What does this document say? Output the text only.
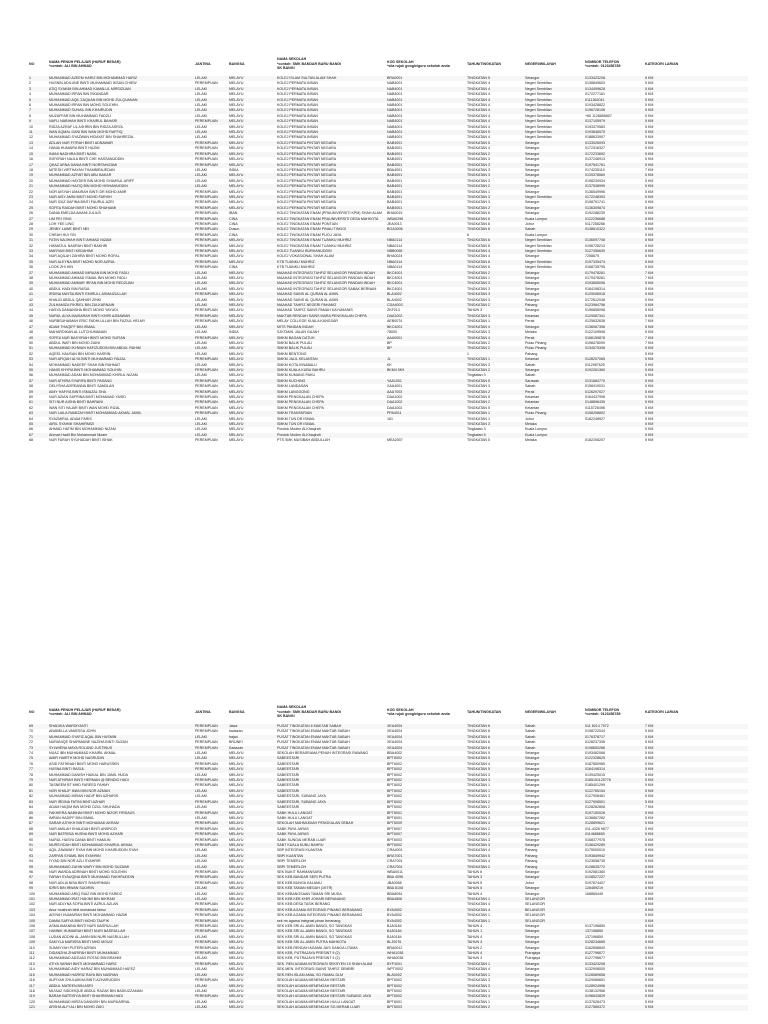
NO	NAMA PENUH PELAJAR (HURUF BESAR)
*contoh: ALI BIN AHMAD	JANTINA	BANGSA	NAMA SEKOLAH
*contoh: SMK BANDAR BARU BANGI
SK BANGI	KOD SEKOLAH
*sila rujuk google/guru sekolah anda	TAHUN/TINGKATAN	NEGERI/WILAYAH	NOMBOR TELEFON
*contoh: 0123456789	KATEGORI LARIAN
1	MUHAMMAD AZEEM HARIZ BIN MOHAMMAD HARIZ	LELAKI	MELAYU	KOLEJ ISLAM SULTAN ALAM SHAH	BRA0001	TINGKATAN 5	Selangor	0133423208	5 KM
2	HUSNIN ADILUNE BINTI MUHAMMAD IKSAN CHIEW	PEREMPUAN	MELAYU	KOLEJ PERMATA INSAN	NAB4001	TINGKATAN 4	Negeri Sembilan	0138849603	5 KM
3	ATIQ SYAKIM BIN AHMAD KAMALUL MIRSIZUAN	LELAKI	MELAYU	KOLEJ PERMATA INSAN	NAB4001	TINGKATAN 4	Negeri Sembilan	0134499628	5 KM
4	MUHAMMAD IRFAN BIN ISKANDAR	LELAKI	MELAYU	KOLEJ PERMATA INSAN	NAB4001	TINGKATAN 4	Negeri Sembilan	0172277161	5 KM
5	MUHAMMAD AQIL ZAQUAN BIN MOHD ZULQUANAN	LELAKI	MELAYU	KOLEJ PERMATA INSAN	NAB4001	TINGKATAN 4	Negeri Sembilan	0111362041	5 KM
6	MUHAMMAD IRFAN BIN MOHD SOLEHIN	LELAKI	MELAYU	KOLEJ PERMATA INSAN	NAB4001	TINGKATAN 4	Negeri Sembilan	0193428822	5 KM
7	MUHAMMAD SUHAIL BIN KHAIRUDIN	LELAKI	MELAYU	KOLEJ PERMATA INSAN	NAB4001	TINGKATAN 4	Negeri Sembilan	0196728108	5 KM
8	MUZAFFAR BIN MUHAMMAD FADZLI	LELAKI	MELAYU	KOLEJ PERMATA INSAN	NAB4001	TINGKATAN 4	Negeri Sembilan	+60 1128856807	5 KM
9	NAFLI NABIHAH BINTI KHAIRUL BAHARI	PEREMPUAN	MELAYU	KOLEJ PERMATA INSAN	NAB4001	TINGKATAN 4	Negeri Sembilan	0137105979	5 KM
10	RIDZA AZRAF UL ASHRIN BIN RIDZA ASROL	LELAKI	MELAYU	KOLEJ PERMATA INSAN	NAB4001	TINGKATAN 4	Negeri Sembilan	0193379583	5 KM
11	WAN AQMAL DANI BIN WAN MOHD RAFFIQ	LELAKI	MELAYU	KOLEJ PERMATA INSAN	NAB4001	TINGKATAN 5	Negeri Sembilan	0193846575	5 KM
12	MUHAMMAD SYAZWAN HIDAYAT BIN SHAHREZAL	LELAKI	MELAYU	KOLEJ PERMATA INSAN	NAB4001	TINGKATAN 4	Negeri Sembilan	0188633907	5 KM
13	ADLAN NUR FITRAH BINTI ADNAWAR	PEREMPUAN	MELAYU	KOLEJ PERMATA PINTAR NEGARA	BAB4001	TINGKATAN 5	Selangor	0133026093	5 KM
14	HANIA HUMAIRA BINTI HAZMI	PEREMPUAN	MELAYU	KOLEJ PERMATA PINTAR NEGARA	BAB4001	TINGKATAN 4	Selangor	0172316327	5 KM
15	INANI NADHIRA BINTI NASIL	PEREMPUAN	MELAYU	KOLEJ PERMATA PINTAR NEGARA	BAB4001	TINGKATAN 2	Selangor	0172233692	5 KM
16	INSYIRAH NAJLA BINTI CHE HASSANUDDIN	PEREMPUAN	MELAYU	KOLEJ PERMATA PINTAR NEGARA	BAB4001	TINGKATAN 3	Selangor	0137246913	5 KM
17	QHAZ ARNA DANIA BINTI NORFAHIZAMI	PEREMPUAN	MELAYU	KOLEJ PERMATA PINTAR NEGARA	BAB4001	TINGKATAN 3	Selangor	0197541761	5 KM
18	MITESH VIRTHAYAN THAMBIRAJEDAN	LELAKI	INDIA	KOLEJ PERMATA PINTAR NEGARA	BBA4001	TINGKATAN 3	Selangor	0174235110	7 KM
19	MUHAMMAD AZFAR BIN ABU BAKAR	LELAKI	MELAYU	KOLEJ PERMATA PINTAR NEGARA	BAB4001	TINGKATAN 3	Selangor	0139378560	5 KM
20	MUHAMMAD HAYDER BIN MOHD SYAMSUL ARIFF	LELAKI	MELAYU	KOLEJ PERMATA PINTAR NEGARA	BAB4001	TINGKATAN 3	Selangor	0198230934	5 KM
21	MUHAMMAD HAZIQ BIN MOHD HISHAMUDDIN	LELAKI	MELAYU	KOLEJ PERMATA PINTAR NEGARA	BAB4001	TINGKATAN 2	Selangor	0137538999	5 KM
22	NOR AISYAH UMAIRAH BINTI DR MOHD AMIR	PEREMPUAN	MELAYU	KOLEJ PERMATA PINTAR NEGARA	BAB4001	TINGKATAN 1	Selangor	0136549996	5 KM
23	NUR AISY AMNI BINTI MOHD FARISH	PEREMPUAN	MELAYU	KOLEJ PERMATA PINTAR NEGARA	BAB4001	TINGKATAN 3	Negeri Sembilan	0172248393	5 KM
24	NUR IZAZ DAFINA BINTI FAURUL AZRI	PEREMPUAN	MELAYU	KOLEJ PERMATA PINTAR NEGARA	BAB4001	TINGKATAN 3	Selangor	0198791741	5 KM
25	SOFEA RAIDAH BINTI MOHD SHUHAIMI	PEREMPUAN	MELAYU	KOLEJ PERMATA PINTAR NEGARA	BAB4001	TINGKATAN 2	Selangor	0136309874	5 KM
26	DANIA EMELDA AMANI JULIUS	PEREMPUAN	IBAN	KOLEJ TINGKATAN ENAM (PRAUNIVERSITI KPM) SHAH ALAM	BHA0019	TINGKATAN 6	Selangor	0192288235	5 KM
27	LIM PEI YING	PEREMPUAN	CINA	KOLEJ TINGKATAN ENAM PRAUNIVERSITI DESA MAHKOTA	WBA0296	TINGKATAN 6	Kuala Lumpur	0122236688	5 KM
28	LOH YEE LING	PEREMPUAN	CINA	KOLEJ TINGKATAN ENAM PONTIAN	JEA0013	TINGKATAN 6	Johor	0117258288	5 KM
29	JENNY LAWE BINTI NEI	PEREMPUAN	Dusun	KOLEJ TINGKATAN ENAM PINAU TINGGI	BGA3006	TINGKATAN 6	Sabah	0138610322	5 KM
30	CHEAH HUI YIN	PEREMPUAN	CINA	KOLEJ TINGKATAN ENAM PUCU JAYA		6	Kuala Lumpur		5 KM
31	FATIN NAJIHAH BINTI AHMAD NIZAM	PEREMPUAN	MELAYU	KOLEJ TINGKATAN ENAM TUANKU MUHRIZ	NBA0114	TINGKATAN 6	Negeri Sembilan	0136097708	5 KM
32	HIKMATUL NASRAH BINTI BAKHRI	PEREMPUAN	MELAYU	KOLEJ TINGKATAN ENAM TUANKU MUHRIZ	NBA0114	TINGKATAN 6	Negeri Sembilan	0196728213	5 KM
33	MARYAM BINTI KEDAHIMI	PEREMPUAN	MELAYU	KOLEJ TUANKU BURHANUDDIN	NBB0056	TINGKATAN 4	Negeri Sembilan	0127456630	5 KM
34	NUR AQILAH ZAHIRA BINTI MOHD ROFAL	PEREMPUAN	MELAYU	KOLEJ VOKASIONAL SHAH ALAM	BHA0024	TINGKATAN 4	Selangor	7258675	5 KM
35	NUR ALEYNA BINTI MOHD NOR AZRUL	PEREMPUAN	MELAYU	KTB TUANKU MUHRIZ	NBA0114	TINGKATAN 6	Negeri Sembilan	0197335474	5 KM
36	LOOK ZHI HIN	PEREMPUAN	CINA	KTB TUANKU MUHRIZ	NBA0114	TINGKATAN 6	Negeri Sembilan	0168735795	5 KM
37	MUHAMMAD AHMAD IMRAAN BIN MOHD FADLI	LELAKI	MELAYU	MAAHAD INTEGRASI TAHFIZ SELANGOR PANDAN INDAH	BKC4001	TINGKATAN 2	Selangor	0179478281	7 KM
38	MUHAMMAD AHMAD ISMAIL BIN MOHD FADLI	LELAKI	MELAYU	MAAHAD INTEGRASI TAHFIZ SELANGOR PANDAN INDAH	BKC4001	TINGKATAN 1	Selangor	0179478281	7 KM
39	MUHAMMAD AMMAR IRFAN BIN MOHD REDZUAN	LELAKI	MELAYU	MAAHAD INTEGRASI TAHFIZ SELANGOR PANDAN INDAH	BKC4001	TINGKATAN 3	Selangor	0193855096	5 KM
40	ABDUL HADI BIN RASUL	LELAKI	MELAYU	MAAHAD INTEGRASI TAHFIZ SELANGOR SABAK BERNAM	BKC4001	TINGKATAN 3	Selangor	0184198314	5 KM
41	IRDINA MAYSA BINTI EMIRULL ASMAIZULLAH	PEREMPUAN	MELAYU	MAAHAD SAINS AL QURAN AL AMIN	BLA4002	TINGKATAN 3	Selangor	0129006918	5 KM
42	KHALID ABDUL QAHHAR ZINKI	LELAKI	MELAYU	MAAHAD SAINS AL QURAN AL AMIN	BLA4002	TINGKATAN 3	Selangor	0172612048	5 KM
43	ZULHAMIZA FIKRIEL BIN ZULKARNAIN	LELAKI	MELAYU	MAAHAD TAHFIZ NEGERI PAHANG	CDA4003	TINGKATAN 2	Pahang	0123984756	5 KM
44	HASYA DAMANSHA BINTI MOHD YAYUDI	PEREMPUAN	MELAYU	MAAHAD TAHFIZ SAINS PAMAH KAYUMANIS	ZKF213	TAHUN 3	Selangor	0196856098	5 KM
45	NURUL ALYA MAISARAH BINTI KHIRI AZMAWAN	PEREMPUAN	MELAYU	MAKTAB RENDAH SAINS MARA PENGKALAN CHEPA	DAA1002	TINGKATAN 3	Kelantan	0129087341	5 KM
46	NURBSUHAIMAH ERIC FADHLULLAH BIN FAZIUL HELMY	PEREMPUAN	MELAYU	MELAY COLLEGE KUALA KANGSAR	AEB0074	TINGKATAN 1	Perak	0125632638	7 KM
47	ADAM THAQIFF BIN ISMAIL	LELAKI	MELAYU	MITS PANDAN INDAH	BKC4001	TINGKATAN 4	Selangor	0136067396	5 KM
48	MAHARDIKAN AL LUTCHUMANAN	LELAKI	INDIA	SJKTAMIL JALAN GAJAH	78000	TINGKATAN 3	Melaka	0122109598	5 KM
49	SOFEA NUR BASYIRAH BINTI MOHD SUFIAN	PEREMPUAN	MELAYU	SMKM BAGAN DATUH	AAA0001	TINGKATAN 4	Perak	0166159878	7 KM
50	ABDUL WAFI BIN MOHD ZAINI	LELAKI	MELAYU	SMKM BALIK PULAU	BP	TINGKATAN 2	Pulau Pinang	0198478099	7 KM
51	MUHAMMAD IKHWAN HAFIZUDDIN BIN ABDUL RAHIM	LELAKI	MELAYU	SMKM BALIK PULAU	BP	TINGKATAN 2	Pulau Pinang	0134575398	5 KM
52	AQEEL HAUSAN BIN MOHD HASRIN	LELAKI	MELAYU	SMKM BENTONG		1	Pahang		5 KM
53	NUR AFIQAH ALYA BINTI MUHAMMAD FAIZAL	PEREMPUAN	MELAYU	SMKM JALIL KELANTAN	JL	TINGKATAN 1	Kelantan	0128207065	5 KM
54	MOHAMMAD NADEEF SHAH BIN RAHMAT	LELAKI	MELAYU	SMKM KOTA KINABALU	KK	TINGKATAN 3	Sabah	0112987625	5 KM
55	HANIS KHYRA BINTI MOHAMMAD SOLIHIN	PEREMPUAN	MELAYU	SMKM KUALA KUBU BAHRU	BKM4 5K9	TINGKATAN 2	Selangor	0192261360	5 KM
56	MUHAMMAD ADAM BIN MOHAMMAD KHIRUL NIZAM	LELAKI	MELAYU	SMKM KUMANG PAKU		Tingkatan 3	Sabah		5 KM
57	NUR ATHIRA SYARIFA BINTI PASANG	PEREMPUAN	MELAYU	SMKM KUCHING	YAA1001	TINGKATAN 5	Sarawak	0131684770	5 KM
58	DELYSHA ADREANNA BINTI SANDLAN	PEREMPUAN	MELAYU	SMKM LANDASAN	XAA4001	TINGKATAN 3	Sabah	0158419031	5 KM
59	AIMY HAFIYA BINTI ISMAZAL SHA	PEREMPUAN	MELAYU	SMKM LANGGONG	AAA7003	TINGKATAN 2	Perak	0126297027	5 KM
60	NUR AZIAN SAFRINA BINTI MOHAMAD YASID	PEREMPUAN	MELAYU	SMKM PENGKALAN CHEPA	DAA1002	TINGKATAN 5	Kelantan	0164437998	5 KM
61	SITI NUR AISHA BINTI BAHRANI	PEREMPUAN	MELAYU	SMKM PENGKALAN CHEPA	DAA1002	TINGKATAN 2	Kelantan	0148896435	5 KM
62	WAN SITI HAJAR BINTI WAN MOHD RIZAL	PEREMPUAN	MELAYU	SMKM PENGKALAN CHEPA	DAA1002	TINGKATAN 5	Kelantan	0115726498	5 KM
63	NUR LAILA RAMIZAH BINTI MOHAMMAD AKMAL JAMIL	PEREMPUAN	MELAYU	SMKM TRANSKRIAN	PPA4011	TINGKATAN 1	Pulau Pinang	0158298802	5 KM
64	SYAZMIRUL ADAM FARIS	LELAKI	MELAYU	SMKM TUN DR ISMAIL	161	TINGKATAN 1	Johor	0162248927	5 KM
65	AIRIL SYAHMI SHAHIRMIZI	LELAKI	MELAYU	SMKM TUN DR ISMAIL		TINGKATAN 3	Melaka		5 KM
66	AHMAD HATIM BIN MOHAMMAD NIZAM	LELAKI	MELAYU	Pondok Moden Al-Khaqirah		Tingkatan 3	Kuala Lumpur		5 KM
67	Ahmad Hadif Bin Mohammad Nizam	LELAKI	MELAYU	Pondok Moden Al-Khaqirah		Tingkatan 5	Kuala Lumpur		5 KM
68	NUR FARAH SYUHADAH BINTI ISHAK	PEREMPUAN	MELAYU	PTS SMK MUSIBAH ABDULLAH	MEA2007	TINGKATAN 5	Melaka	0182206207	5 KM
NO	NAMA PENUH PELAJAR (HURUF BESAR)
*contoh: ALI BIN AHMAD	JANTINA	BANGSA	NAMA SEKOLAH
*contoh: SMK BANDAR BARU BANGI
SK BANGI	KOD SEKOLAH
*sila rujuk google/guru sekolah anda	TAHUN/TINGKATAN	NEGERI/WILAYAH	NOMBOR TELEFON
*contoh: 0123456789	KATEGORI LARIAN
69	SHADIKA WARDIYANTI	PEREMPUAN	Jawa	PUSAT TINGKATAN 6 MAKTAB SABAH	XEA4004	TINGKATAN 6	Sabah	011 8214 7972	7 KM
70	ANABELLA VANESSA JOHN	PEREMPUAN	kadazan	PUSAT TINGKATAN ENAM MAKTAB SABAH	XEA4004	TINGKATAN 6	Sabah	0198722044	5 KM
71	MUHAMMAD SYAFIZ AQAL BIN HUSMIN	LELAKI	bajau	PUSAT TINGKATAN ENAM MAKTAB SABAH	XEA4004	TINGKATAN 6	Sabah	0176378717	5 KM
72	NURANIQE SHARMAINE NAZIHA BINTI SUZAN	PEREMPUAN	BRUNEI	PUSAT TINGKATAN ENAM MAKTAB SABAH	XEA4004	TINGKATAN 6	Sabah	0128237336	5 KM
73	SYLWIENA MAYA ROLAND JUSTINUS	PEREMPUAN	Kadazan	PUSAT TINGKATAN ENAM MAKTAB SABAH	XEA4004	TINGKATAN 6	Sabah	0198650286	5 KM
74	NUAZ IBN MUHAMMAD KHAIRIL AKMAL	LELAKI	MELAYU	SEKOLAH BERASRAMA PENUH INTEGRASI RAWANG	BBA4002	TINGKATAN 5	Selangor	0193462066	5 KM
75	AMIR HAIRTH MOHD NASRUDIN	LELAKI	MELAYU	SABEESTARI	BPT6002	TINGKATAN 5	Selangor	0122328625	5 KM
76	ASID FATHINAH BINTI MOHD HARUSSEN	PEREMPUAN	MELAYU	SABEESTARI	BPT6002	TINGKATAN 4	Selangor	0187850965	5 KM
77	HUSNA BINTI RASUL	PEREMPUAN	MELAYU	SABEESTARI	BPT6002	TINGKATAN 5	Selangor	0164198314	5 KM
78	MUHAMMAD DANISH HAIKAL BIN JAMIL HUDA	LELAKI	MELAYU	SABEESTARI	BPT6002	TINGKATAN 3	Selangor	0139425015	5 KM
79	NUR ATHIRAH BINTI HERMAN @ BENDIO HADI	PEREMPUAN	MELAYU	SABEESTARI	BPT6002	TINGKATAN 3	Selangor	0185191125776	5 KM
80	TASNEEM BT MHD FAREED FAHMY	PEREMPUAN	MELAYU	SABEESTARI	BPT6002	TINGKATAN 1	Selangor	0185401299	5 KM
81	NOR KHALIF IMAN BIN NOR AZMAN	LELAKI	MELAYU	SABEESTARI	BPT6002	TINGKATAN 1	Selangor	0122765154	5 KM
82	MUHAMMAD IMRAN HADIF BIN AZHARIS	LELAKI	MELAYU	SABEESTARI, SUBANG JAYA	BPT6002	TINGKATAN 3	Selangor	0127908461	5 KM
83	NUR IRDINA FATINI BINTI AZHAR	PEREMPUAN	MELAYU	SABEESTARI, SUBANG JAYA	BPT6002	TINGKATAN 2	Selangor	0127908501	5 KM
84	ADAM HAQIM BIN MOHD DZUL SHUHADA	LELAKI	MELAYU	SABEESTARI	BPT6002	TINGKATAN 2	Selangor	0128262808	7 KM
85	FAKHIERA NABIHAH BINTI MOHD NIZOR FIRDAUS	PEREMPUAN	MELAYU	SABK HULU LANGAT	BPT6001	TINGKATAN 5	Selangor	0197150026	5 KM
86	IMRAN HADIFF BIN ISMAIL	LELAKI	MELAYU	SABK HULU LANGAT	BPT6001	TINGKATAN 3	Selangor	0136867282	5 KM
87	SARAH ASYIKH BINTI MOHAMAD AKRAM	PEREMPUAN	MELAYU	SEKOLAH MAHMUDIAH PENGKALAN SEBAH	BPT6009	TINGKATAN 4	Selangor	0128899621	5 KM
88	NUR AMILAH KHALIDAH BINTI ANSROZI	PEREMPUAN	MELAYU	SABK PAYA JARAS	BPT6007	TINGKATAN 2	Selangor	011-4326 9877	5 KM
89	NUR BATRISIA HUSNA BINTI MOHD AZHARI	PEREMPUAN	MELAYU	SABK PAYA JARAS	BPT6007	TINGKATAN 2	Selangor	0114688650	5 KM
90	NURUL HASYA DANIA BINTI HAMLIN	PEREMPUAN	MELAYU	SABK SUNGAI MERAB LUAR	BPT6003	TINGKATAN 3	Selangor	0168377976	5 KM
91	MURSYIDAH BINTI MOHAMMAD KHAIRUL AKMAL	PEREMPUAN	MELAYU	SABT KUALA KUBU BAHRU	BPT6002	TINGKATAN 3	Selangor	0136429289	5 KM
92	AQIL ZAWAWIY SYAH BIN MOHD KHAIRUDDIN SYAH	LELAKI	MELAYU	SBP INTEGRASI KUANTAN	CRA4001	TINGKATAN 4	Pahang	0175000010	5 KM
93	ZARFAN SYAMIL BIN SYAHRIN	LELAKI	MELAYU	SBPI KUANTAN	BRA7001	TINGKATAN 5	Pahang	0193849942	5 KM
94	IYYAD BIN NOR AZLI SYAHRIR	LELAKI	MELAYU	SBPI TEMERLOH	CRA7001	TINGKATAN 4	Pahang	0123658735	5 KM
95	MUHAMMAD ZAHIN WAFIY BIN MOHD SUZAIMI	LELAKI	MELAYU	SBPI TEMERLOH	CRA7001	TINGKATAN 2	Pahang	0128635772	5 KM
96	NUR WARDA ADRINAH BINTI MOHD SOLEHIN	PEREMPUAN	MELAYU	SEK BUKIT RAHMANSARA	WBA0011	TAHUN 6	Selangor	0192581360	5 KM
97	FARAH SYAUQINA BINTI MUHAMAD FAKHRUDDIN	PEREMPUAN	MELAYU	SEK KEB BANDAR SERI PUTRA	BBA 4096	TAHUN 3	Selangor	0128527227	5 KM
98	NUR ADLIA NISA BINTI SHAHRIMAN	PEREMPUAN	MELAYU	SEK KEB BUNGA KALAMU	JBA0058	TAHUN 5	Johor	0197874407	5 KM
99	IDRIS BIN IRWAN SUDIRIN	LELAKI	MELAYU	SEK KEB TAMAN MEGAH (1KTR)	BBA 8108	TAHUN 5	Selangor	126489219	5 KM
100	MUHAMMAD ARIQ RAIZ BIN MOHD FARIDZ	LELAKI	MELAYU	SEK KEBANGSAAN TAMAN SRI MUDA	BBA8094	TAHUN 4	Selangor	168869449	5 KM
101	MUHAMMAD IRAT HAKIMI BIN NIKRAM	LELAKI	MELAYU	SEK KEB KEB KHIR JOHARI BERANANG	BBA4806	TINGKATAN 1	SELANGOR		5 KM
102	NUR ADLYNA SOFIA BINTI AZRUL AZLAN	PEREMPUAN	MELAYU	SEK KEB DESA TASIK BERANG		TINGKATAN 4	SELANGOR		5 KM
103	Anur mushrah binti mohamad fairuz	PEREMPUAN	MELAYU	SEK KEB AGAMA INTEGRASI PINANG BERANANG	BYA4002	TINGKATAN 4	BELANGOR		5 KM
104	AISYAH HUMAIRAH BINTI MOHAMMAD HAZMI	PEREMPUAN	MELAYU	SEK KEB AGAMA INTEGRASI PINANG BERANANG	BYA4002	TINGKATAN 1	SELANGOR		5 KM
105	DAMIA SAFIYA BINTI MOHD TAUFIK	PEREMPUAN	MELAYU	sek rm agama integrasi pinan beranang	BYA4002	TINGKATAN 1	SELANGOR		5 KM
106	ASMA AMANINA BINTI NURI NASRULLAH	PEREMPUAN	MELAYU	SEK KEB SRI AL-AMIN BANGI, SG TANGKAS	BJA0184	TAHUN 4	Selangor	0137196850	5 KM
107	HANNIK HUMAIRAH BINTI NURI NASRULLAH	PEREMPUAN	MELAYU	SEK KEB SRI AL-AMIN BANGI, SG TANGKAS	BJA0184	TAHUN 1	Selangor	137196850	5 KM
108	LUDAN ADDINI AL-AMIN BIN NURI NASRULLAH	LELAKI	MELAYU	SEK KEB SRI AL-AMIN BANGI, SG TANGKAS	BJA0184	TAHUN 4	Selangor	137196850	5 KM
109	SAKIYLA MARISSA BINTI MHD MOUIZ	PEREMPUAN	MELAYU	SEK KEB SRI AL-AMIN PUTRA MAHKOTA	BLJ0076	TAHUN 3	Selangor	0128234665	5 KM
110	SUMAYYAH PUTERI AZRAN	PEREMPUAN	MELAYU	SEK KEB RENDAH AGAMA JAIS DANGA UTAMA	BRA0012	TAHUN 2	Selangor	0162658840	5 KM
111	DIDANZHA ZHARIFAH BINTI MUHAMMAD	PEREMPUAN	MELAYU	SEK KEB, PUTRAJAYA PRESINT 9 (2)	WHA1036	TAHUN 4	Putrajaya	0127796677	5 KM
112	MUHAMMAD ADZUAD ROTAD BIN BRAHIM	LELAKI	MELAYU	SEK KEB, PUTRAJAYA PRESINT 9 (2)	WHA0038	TAHUN 3	Putrajaya	0127796677	5 KM
113	ATIYA SARAH BINTI MOHAMMAD HARIZ	PEREMPUAN	MELAYU	SEK. REN AGAMA INTEGRASI SEKSYEN 19 SHAH ALAM	BYF3001	TINGKATAN 1	Selangor	0133423208	5 KM
114	MUHAMMAD AIDY HARAZ BIN MUHAMMAD HAFEZ	LELAKI	MELAYU	SEK.MEN. INTEGRASI SAINS TAHFIZ SEMBRI	WPT0002	TINGKATAN 4	Selangor	0132908005	5 KM
115	MUHAMMAD HARRIZ RAYA BIN NASRAN	LELAKI	MELAYU	SEK.REN.ISLAM AMAL SG RAMAL DLM	BLA0002	TINGKATAN 1	Selangor	0128589658	5 KM
116	AUFIYAH ZHULAIKHA BINTI AZHARUDDIN	PEREMPUAN	MELAYU	SEKOLAH AGAMA MENENGAH BESTARI	BPT6002	TINGKATAN 3	Selangor	0129066651	5 KM
117	ABDUL MATEEN BIN ASRI	LELAKI	MELAYU	SEKOLAH AGAMA MENENGAH BESTARI	BPT6002	TINGKATAN 3	Selangor	0128924996	5 KM
118	MU'AAZ SIDDHIQUE ABDUL RAZAK BIN BADIUZZAMAN	LELAKI	MELAYU	SEKOLAH AGAMA MENENGAH BESTARI	BPT6002	TINGKATAN 1	Selangor	0138132966	5 KM
119	BARAH BATRISYIA BINTI SHAHRIMAN HADI	PEREMPUAN	MELAYU	SEKOLAH AGAMA MENENGAH BESTARI SUBANG JAYA	BPT6002	TINGKATAN 4	Selangor	0196643829	5 KM
120	MUHAMMAD MIRZA DANNISH BIN MURKARRAL	LELAKI	MELAYU	SEKOLAH AGAMA MENENGAH HULU LANGAT	BPT6001	TINGKATAN 1	Selangor	0137628473	5 KM
121	ARSHA ALFI ALI BIN MOHD ZAKI	LELAKI	MELAYU	SEKOLAH AGAMA MENENGAH SG MERAB LUAR	BPT6003	TINGKATAN 2	Selangor	0127566372	5 KM
